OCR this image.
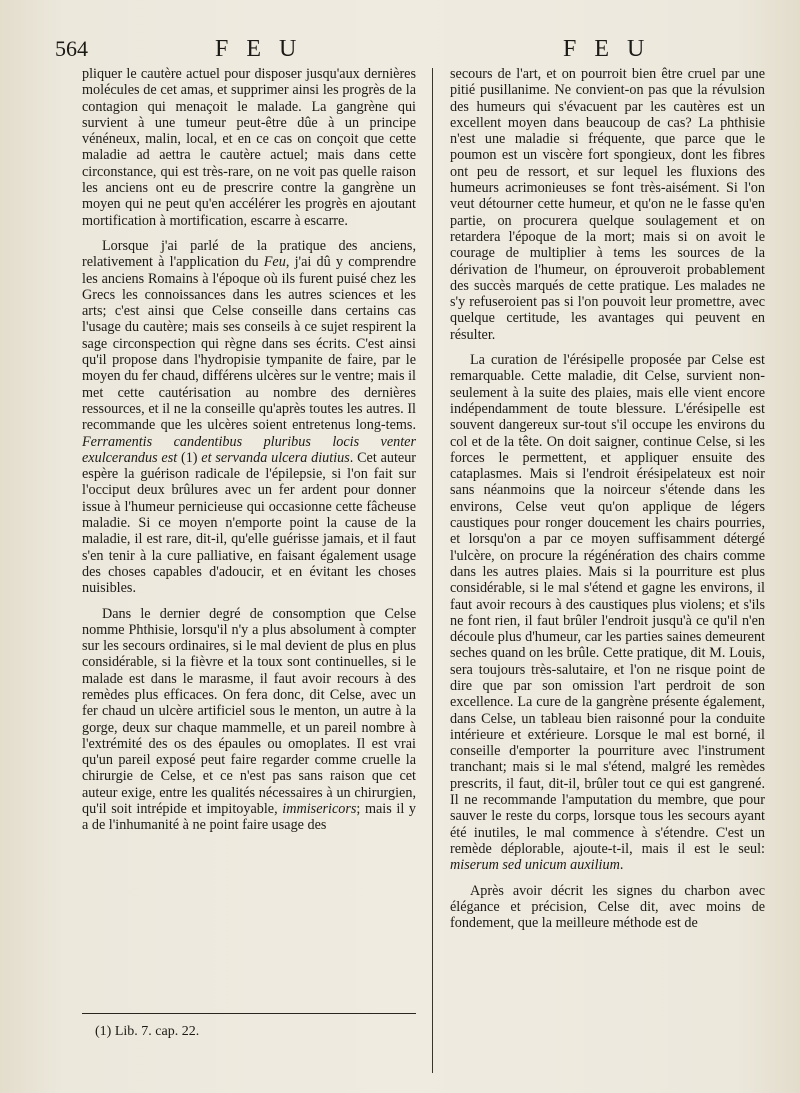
564	F E U	F E U

pliquer le cautère actuel pour disposer jusqu'aux dernières molécules de cet amas, et supprimer ainsi les progrès de la contagion qui menaçoit le malade. La gangrène qui survient à une tumeur peut-être dûe à un principe vénéneux, malin, local, et en ce cas on conçoit que cette maladie ad aettra le cautère actuel; mais dans cette circonstance, qui est très-rare, on ne voit pas quelle raison les anciens ont eu de prescrire contre la gangrène un moyen qui ne peut qu'en accélérer les progrès en ajoutant mortification à mortification, escarre à escarre.

Lorsque j'ai parlé de la pratique des anciens, relativement à l'application du Feu, j'ai dû y comprendre les anciens Romains à l'époque où ils furent puisé chez les Grecs les connoissances dans les autres sciences et les arts; c'est ainsi que Celse conseille dans certains cas l'usage du cautère; mais ses conseils à ce sujet respirent la sage circonspection qui règne dans ses écrits. C'est ainsi qu'il propose dans l'hydropisie tympanite de faire, par le moyen du fer chaud, différens ulcères sur le ventre; mais il met cette cautérisation au nombre des dernières ressources, et il ne la conseille qu'après toutes les autres. Il recommande que les ulcères soient entretenus long-tems. Ferramentis candentibus pluribus locis venter exulcerandus est (1) et servanda ulcera diutius. Cet auteur espère la guérison radicale de l'épilepsie, si l'on fait sur l'occiput deux brûlures avec un fer ardent pour donner issue à l'humeur pernicieuse qui occasionne cette fâcheuse maladie. Si ce moyen n'emporte point la cause de la maladie, il est rare, dit-il, qu'elle guérisse jamais, et il faut s'en tenir à la cure palliative, en faisant également usage des choses capables d'adoucir, et en évitant les choses nuisibles.

Dans le dernier degré de consomption que Celse nomme Phthisie, lorsqu'il n'y a plus absolument à compter sur les secours ordinaires, si le mal devient de plus en plus considérable, si la fièvre et la toux sont continuelles, si le malade est dans le marasme, il faut avoir recours à des remèdes plus efficaces. On fera donc, dit Celse, avec un fer chaud un ulcère artificiel sous le menton, un autre à la gorge, deux sur chaque mammelle, et un pareil nombre à l'extrémité des os des épaules ou omoplates. Il est vrai qu'un pareil exposé peut faire regarder comme cruelle la chirurgie de Celse, et ce n'est pas sans raison que cet auteur exige, entre les qualités nécessaires à un chirurgien, qu'il soit intrépide et impitoyable, immisericors; mais il y a de l'inhumanité à ne point faire usage des

secours de l'art, et on pourroit bien être cruel par une pitié pusillanime. Ne convient-on pas que la révulsion des humeurs qui s'évacuent par les cautères est un excellent moyen dans beaucoup de cas? La phthisie n'est une maladie si fréquente, que parce que le poumon est un viscère fort spongieux, dont les fibres ont peu de ressort, et sur lequel les fluxions des humeurs acrimonieuses se font très-aisément. Si l'on veut détourner cette humeur, et qu'on ne le fasse qu'en partie, on procurera quelque soulagement et on retardera l'époque de la mort; mais si on avoit le courage de multiplier à tems les sources de la dérivation de l'humeur, on éprouveroit probablement des succès marqués de cette pratique. Les malades ne s'y refuseroient pas si l'on pouvoit leur promettre, avec quelque certitude, les avantages qui peuvent en résulter.

La curation de l'érésipelle proposée par Celse est remarquable. Cette maladie, dit Celse, survient non-seulement à la suite des plaies, mais elle vient encore indépendamment de toute blessure. L'érésipelle est souvent dangereux sur-tout s'il occupe les environs du col et de la tête. On doit saigner, continue Celse, si les forces le permettent, et appliquer ensuite des cataplasmes. Mais si l'endroit érésipelateux est noir sans néanmoins que la noirceur s'étende dans les environs, Celse veut qu'on applique de légers caustiques pour ronger doucement les chairs pourries, et lorsqu'on a par ce moyen suffisamment détergé l'ulcère, on procure la régénération des chairs comme dans les autres plaies. Mais si la pourriture est plus considérable, si le mal s'étend et gagne les environs, il faut avoir recours à des caustiques plus violens; et s'ils ne font rien, il faut brûler l'endroit jusqu'à ce qu'il n'en découle plus d'humeur, car les parties saines demeurent seches quand on les brûle. Cette pratique, dit M. Louis, sera toujours très-salutaire, et l'on ne risque point de dire que par son omission l'art perdroit de son excellence. La cure de la gangrène présente également, dans Celse, un tableau bien raisonné pour la conduite intérieure et extérieure. Lorsque le mal est borné, il conseille d'emporter la pourriture avec l'instrument tranchant; mais si le mal s'étend, malgré les remèdes prescrits, il faut, dit-il, brûler tout ce qui est gangrené. Il ne recommande l'amputation du membre, que pour sauver le reste du corps, lorsque tous les secours ayant été inutiles, le mal commence à s'étendre. C'est un remède déplorable, ajoute-t-il, mais il est le seul: miserum sed unicum auxilium.

Après avoir décrit les signes du charbon avec élégance et précision, Celse dit, avec moins de fondement, que la meilleure méthode est de

(1) Lib. 7. cap. 22.
